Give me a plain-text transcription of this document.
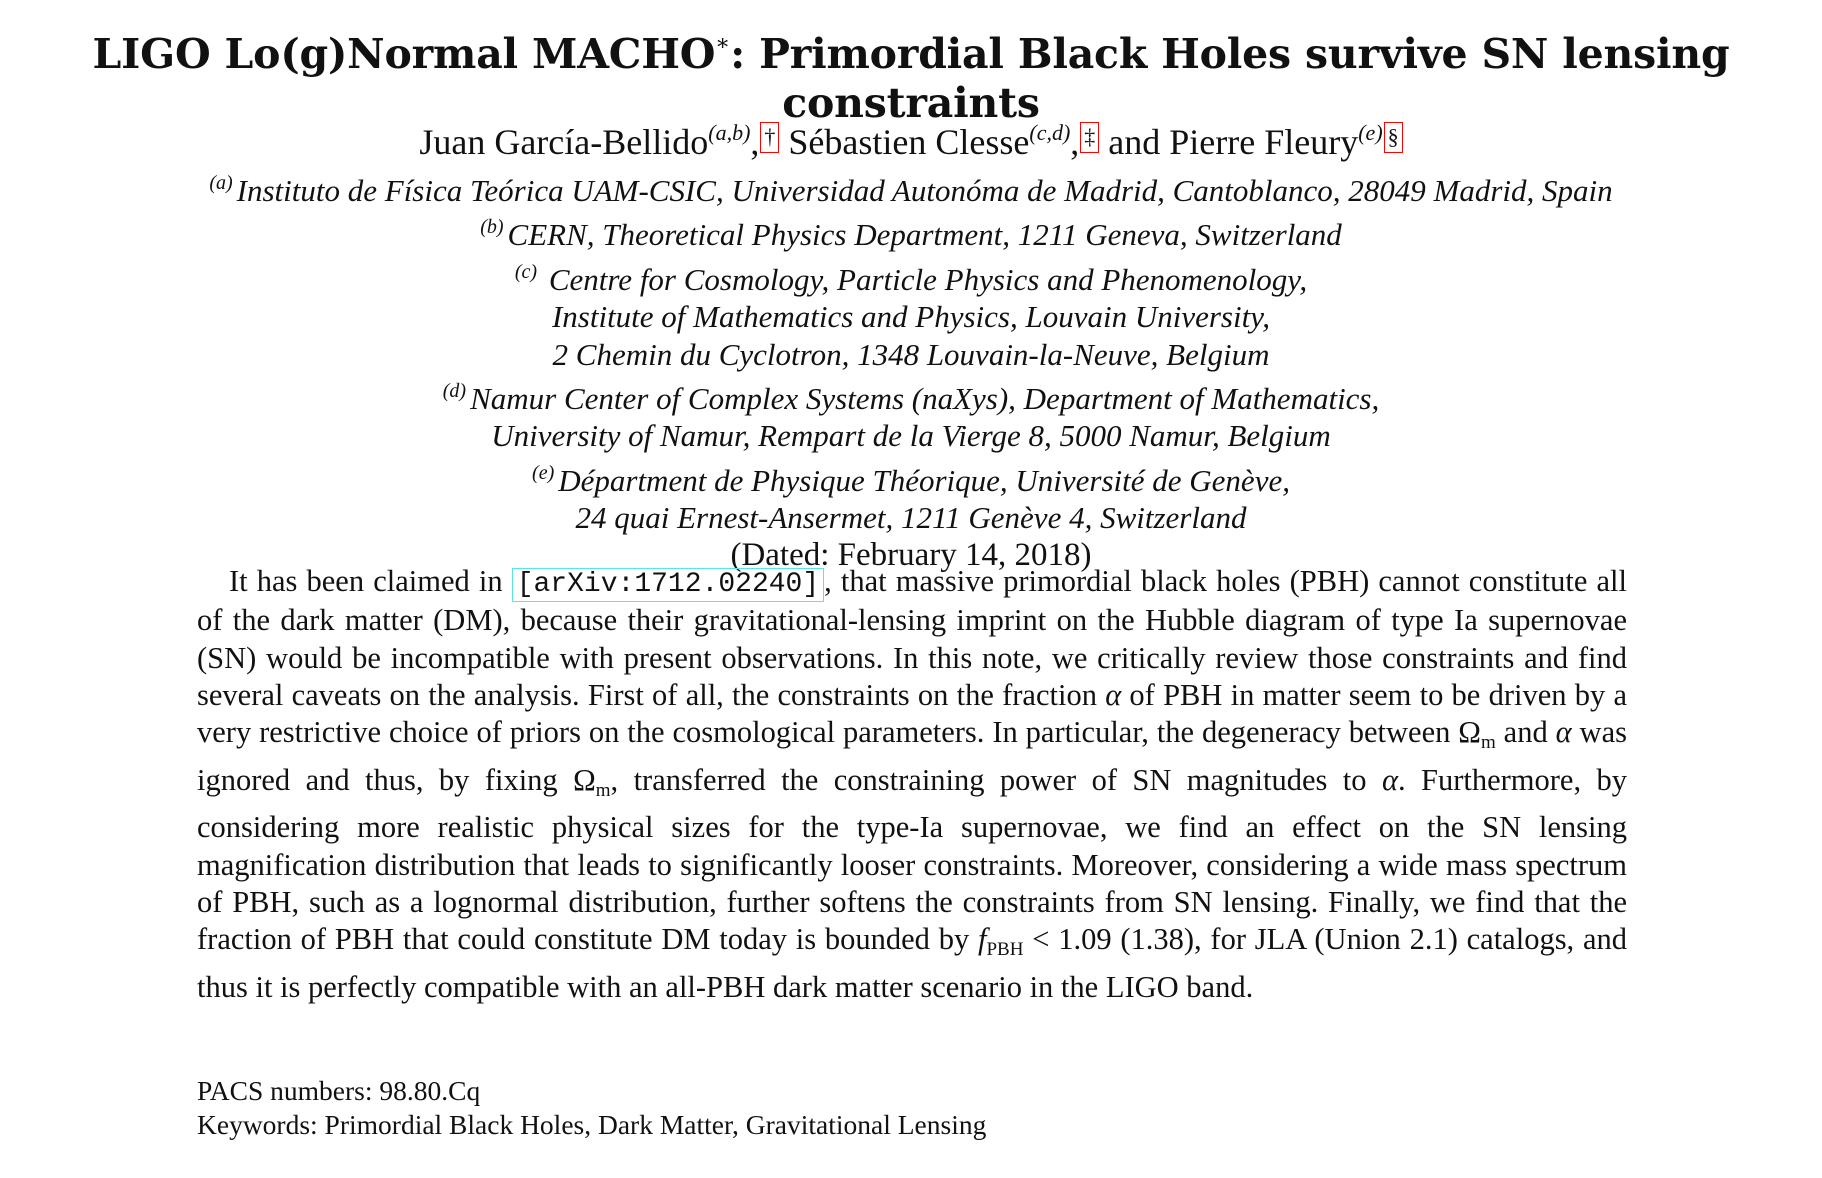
LIGO Lo(g)Normal MACHO∗: Primordial Black Holes survive SN lensing constraints
Juan García-Bellido$^{(a,b)}$, † Sébastien Clesse$^{(c,d)}$, ‡ and Pierre Fleury$^{(e)}$ §
$^{(a)}$ Instituto de Física Teórica UAM-CSIC, Universidad Autonóma de Madrid, Cantoblanco, 28049 Madrid, Spain
$^{(b)}$ CERN, Theoretical Physics Department, 1211 Geneva, Switzerland
$^{(c)}$ Centre for Cosmology, Particle Physics and Phenomenology,
Institute of Mathematics and Physics, Louvain University,
2 Chemin du Cyclotron, 1348 Louvain-la-Neuve, Belgium
$^{(d)}$ Namur Center of Complex Systems (naXys), Department of Mathematics,
University of Namur, Rempart de la Vierge 8, 5000 Namur, Belgium
$^{(e)}$ Départment de Physique Théorique, Université de Genève,
24 quai Ernest-Ansermet, 1211 Genève 4, Switzerland
(Dated: February 14, 2018)
It has been claimed in [arXiv:1712.02240] , that massive primordial black holes (PBH) cannot constitute all of the dark matter (DM), because their gravitational-lensing imprint on the Hubble diagram of type Ia supernovae (SN) would be incompatible with present observations. In this note, we critically review those constraints and find several caveats on the analysis. First of all, the constraints on the fraction α of PBH in matter seem to be driven by a very restrictive choice of priors on the cosmological parameters. In particular, the degeneracy between $\Omega_m$ and α was ignored and thus, by fixing $\Omega_m$, transferred the constraining power of SN magnitudes to α. Furthermore, by considering more realistic physical sizes for the type-Ia supernovae, we find an effect on the SN lensing magnification distribution that leads to significantly looser constraints. Moreover, considering a wide mass spectrum of PBH, such as a lognormal distribution, further softens the constraints from SN lensing. Finally, we find that the fraction of PBH that could constitute DM today is bounded by $f_{PBH} < 1.09$ (1.38), for JLA (Union 2.1) catalogs, and thus it is perfectly compatible with an all-PBH dark matter scenario in the LIGO band.
PACS numbers: 98.80.Cq
Keywords: Primordial Black Holes, Dark Matter, Gravitational Lensing
